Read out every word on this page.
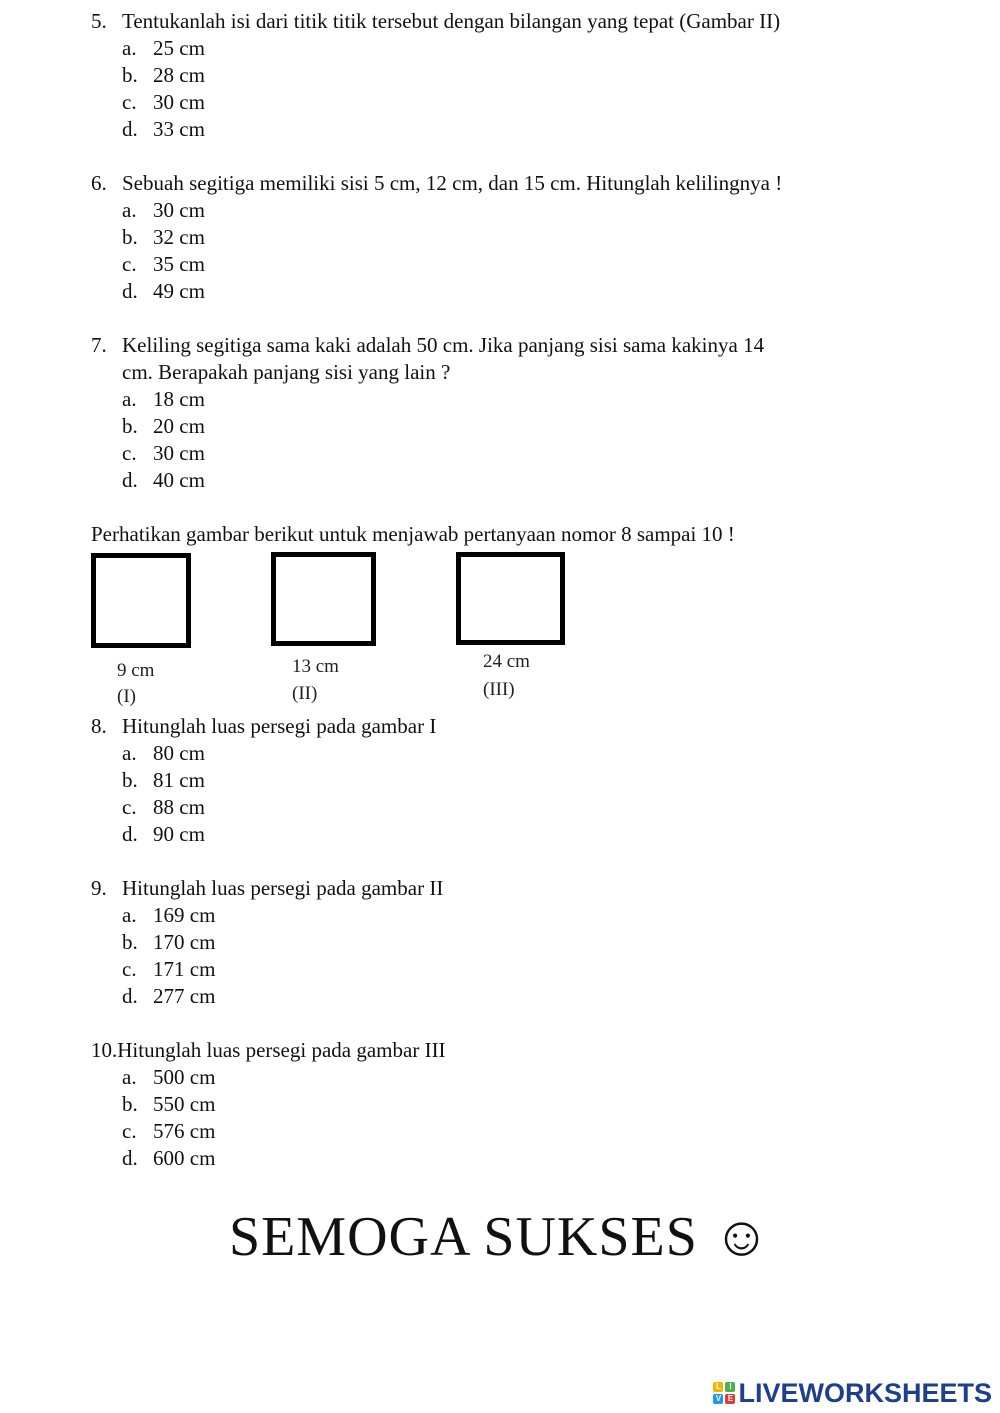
5. Tentukanlah isi dari titik titik tersebut dengan bilangan yang tepat (Gambar II)
a. 25 cm
b. 28 cm
c. 30 cm
d. 33 cm
6. Sebuah segitiga memiliki sisi 5 cm, 12 cm, dan 15 cm. Hitunglah kelilingnya !
a. 30 cm
b. 32 cm
c. 35 cm
d. 49 cm
7. Keliling segitiga sama kaki adalah 50 cm. Jika panjang sisi sama kakinya 14
cm. Berapakah panjang sisi yang lain ?
a. 18 cm
b. 20 cm
c. 30 cm
d. 40 cm
Perhatikan gambar berikut untuk menjawab pertanyaan nomor 8 sampai 10 !
9 cm
(I)
13 cm
(II)
24 cm
(III)
8. Hitunglah luas persegi pada gambar I
a. 80 cm
b. 81 cm
c. 88 cm
d. 90 cm
9. Hitunglah luas persegi pada gambar II
a. 169 cm
b. 170 cm
c. 171 cm
d. 277 cm
10.Hitunglah luas persegi pada gambar III
a. 500 cm
b. 550 cm
c. 576 cm
d. 600 cm
SEMOGA SUKSES ☺
L	I
V E LIVEWORKSHEETS
